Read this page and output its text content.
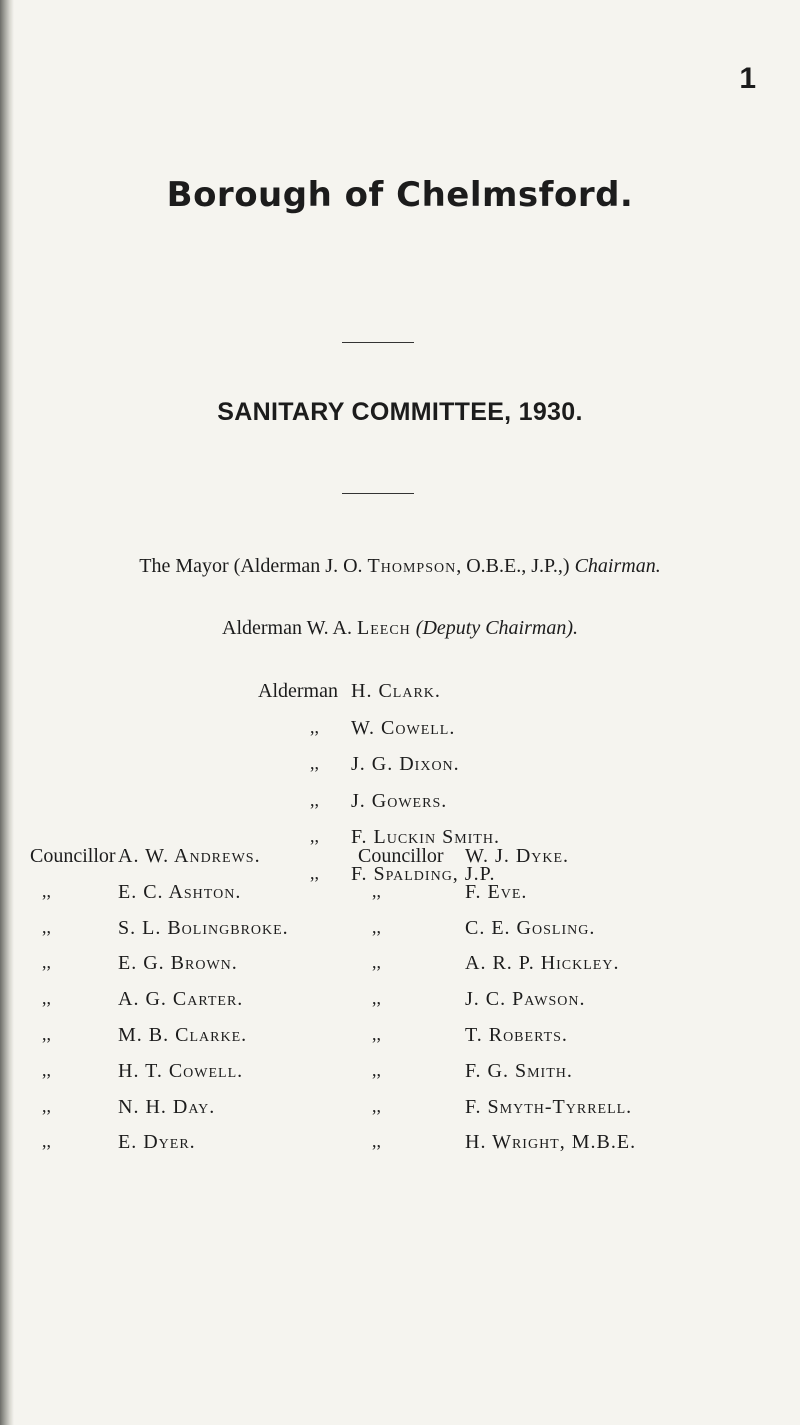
1
Borough of Chelmsford.
SANITARY COMMITTEE, 1930.
The Mayor (Alderman J. O. Thompson, O.B.E., J.P.,) Chairman.
Alderman W. A. Leech (Deputy Chairman).
Alderman H. Clark.
,, W. Cowell.
,, J. G. Dixon.
,, J. Gowers.
,, F. Luckin Smith.
,, F. Spalding, J.P.
Councillor A. W. Andrews.
,,	E. C. Ashton.
,,	S. L. Bolingbroke.
,,	E. G. Brown.
,,	A. G. Carter.
,,	M. B. Clarke.
,,	H. T. Cowell.
,,	N. H. Day.
,,	E. Dyer.
Councillor W. J. Dyke.
,,	F. Eve.
,,	C. E. Gosling.
,,	A. R. P. Hickley.
,,	J. C. Pawson.
,,	T. Roberts.
,,	F. G. Smith.
,,	F. Smyth-Tyrrell.
,,	H. Wright, M.B.E.
